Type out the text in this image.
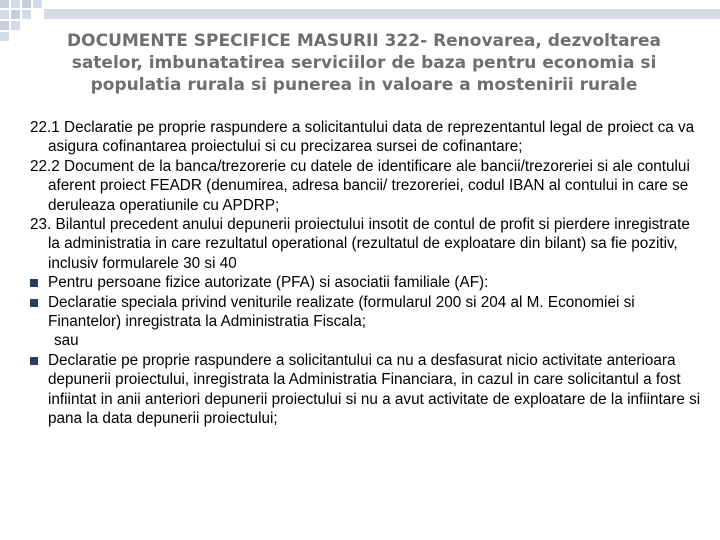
DOCUMENTE SPECIFICE MASURII 322- Renovarea, dezvoltarea satelor, imbunatatirea serviciilor de baza pentru economia si populatia rurala si punerea in valoare a mostenirii rurale

22.1 Declaratie pe proprie raspundere a solicitantului data de reprezentantul legal de proiect ca va asigura cofinantarea proiectului si cu precizarea sursei de cofinantare;

22.2 Document de la banca/trezorerie cu datele de identificare ale bancii/trezoreriei si ale contului aferent proiect FEADR (denumirea, adresa bancii/ trezoreriei, codul IBAN al contului in care se deruleaza operatiunile cu APDRP;

23. Bilantul precedent anului depunerii proiectului insotit de contul de profit si pierdere inregistrate la administratia in care rezultatul operational (rezultatul de exploatare din bilant) sa fie pozitiv, inclusiv formularele 30 si 40

Pentru persoane fizice autorizate (PFA) si asociatii familiale (AF):
Declaratie speciala privind veniturile realizate (formularul 200 si 204 al M. Economiei si Finantelor) inregistrata la Administratia Fiscala;

sau

Declaratie pe proprie raspundere a solicitantului ca nu a desfasurat nicio activitate anterioara depunerii proiectului, inregistrata la Administratia Financiara, in cazul in care solicitantul a fost infiintat in anii anteriori depunerii proiectului si nu a avut activitate de exploatare de la infiintare si pana la data depunerii proiectului;
